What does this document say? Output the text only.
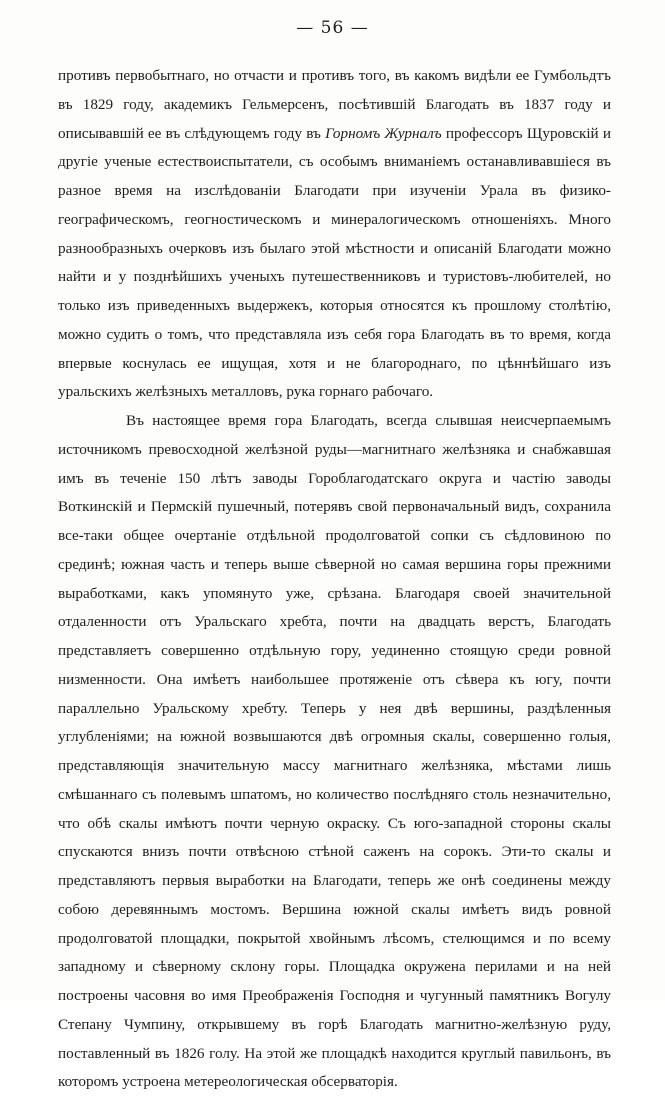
— 56 —

противъ первобытнаго, но отчасти и противъ того, въ какомъ видѣли ее Гумбольдтъ въ 1829 году, академикъ Гельмерсенъ, посѣтившій Благодать въ 1837 году и описывавшій ее въ слѣдующемъ году въ Горномъ Журналъ профессоръ Щуровскій и другіе ученые естествоиспытатели, съ особымъ вниманіемъ останавливавшіеся въ разное время на изслѣдованіи Благодати при изученіи Урала въ физико-географическомъ, геогностическомъ и минералогическомъ отношеніяхъ. Много разнообразныхъ очерковъ изъ былаго этой мѣстности и описаній Благодати можно найти и у позднѣйшихъ ученыхъ путешественниковъ и туристовъ-любителей, но только изъ приведенныхъ выдержекъ, которыя относятся къ прошлому столѣтію, можно судить о томъ, что представляла изъ себя гора Благодать въ то время, когда впервые коснулась ее ищущая, хотя и не благороднаго, по цѣннѣйшаго изъ уральскихъ желѣзныхъ металловъ, рука горнаго рабочаго.

Въ настоящее время гора Благодать, всегда слывшая неисчерпаемымъ источникомъ превосходной желѣзной руды—магнитнаго желѣзняка и снабжавшая имъ въ теченіе 150 лѣтъ заводы Гороблагодатскаго округа и частію заводы Воткинскій и Пермскій пушечный, потерявъ свой первоначальный видъ, сохранила все-таки общее очертаніе отдѣльной продолговатой сопки съ сѣдловиною по срединѣ; южная часть и теперь выше сѣверной но самая вершина горы прежними выработками, какъ упомянуто уже, срѣзана. Благодаря своей значительной отдаленности отъ Уральскаго хребта, почти на двадцать верстъ, Благодать представляетъ совершенно отдѣльную гору, уединенно стоящую среди ровной низменности. Она имѣетъ наибольшее протяженіе отъ сѣвера къ югу, почти параллельно Уральскому хребту. Теперь у нея двѣ вершины, раздѣленныя углубленіями; на южной возвышаются двѣ огромныя скалы, совершенно голыя, представляющія значительную массу магнитнаго желѣзняка, мѣстами лишь смѣшаннаго съ полевымъ шпатомъ, но количество послѣдняго столь незначительно, что обѣ скалы имѣютъ почти черную окраску. Съ юго-западной стороны скалы спускаются внизъ почти отвѣсною стѣной саженъ на сорокъ. Эти-то скалы и представляютъ первыя выработки на Благодати, теперь же онѣ соединены между собою деревяннымъ мостомъ. Вершина южной скалы имѣетъ видъ ровной продолговатой площадки, покрытой хвойнымъ лѣсомъ, стелющимся и по всему западному и сѣверному склону горы. Площадка окружена перилами и на ней построены часовня во имя Преображенія Господня и чугунный памятникъ Вогулу Степану Чумпину, открывшему въ горѣ Благодать магнитно-желѣзную руду, поставленный въ 1826 голу. На этой же площадкѣ находится круглый павильонъ, въ которомъ устроена метереологическая обсерваторія.
